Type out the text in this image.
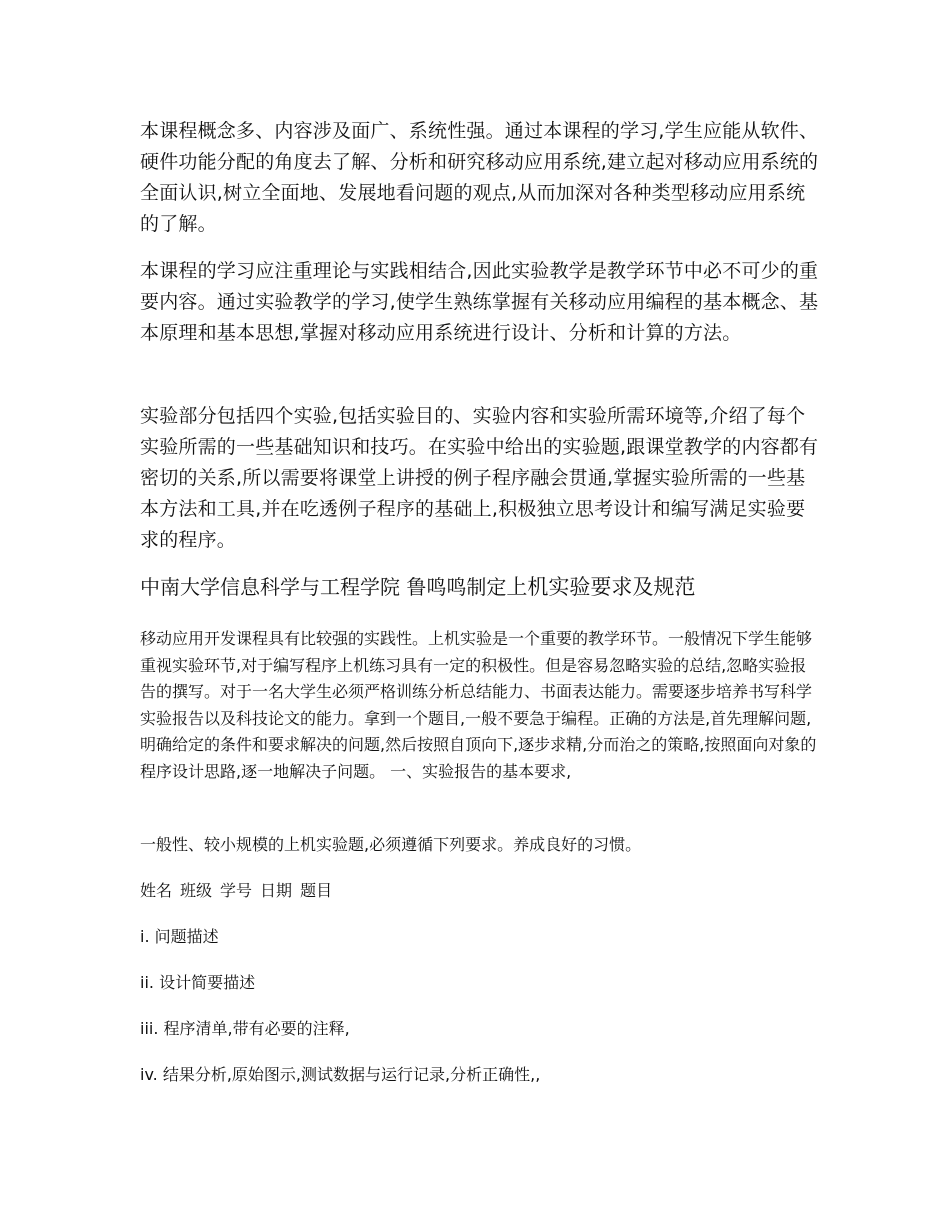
本课程概念多、内容涉及面广、系统性强。通过本课程的学习,学生应能从软件、硬件功能分配的角度去了解、分析和研究移动应用系统,建立起对移动应用系统的全面认识,树立全面地、发展地看问题的观点,从而加深对各种类型移动应用系统的了解。

本课程的学习应注重理论与实践相结合,因此实验教学是教学环节中必不可少的重要内容。通过实验教学的学习,使学生熟练掌握有关移动应用编程的基本概念、基本原理和基本思想,掌握对移动应用系统进行设计、分析和计算的方法。

实验部分包括四个实验,包括实验目的、实验内容和实验所需环境等,介绍了每个实验所需的一些基础知识和技巧。在实验中给出的实验题,跟课堂教学的内容都有密切的关系,所以需要将课堂上讲授的例子程序融会贯通,掌握实验所需的一些基本方法和工具,并在吃透例子程序的基础上,积极独立思考设计和编写满足实验要求的程序。

中南大学信息科学与工程学院 鲁鸣鸣制定上机实验要求及规范

移动应用开发课程具有比较强的实践性。上机实验是一个重要的教学环节。一般情况下学生能够重视实验环节,对于编写程序上机练习具有一定的积极性。但是容易忽略实验的总结,忽略实验报告的撰写。对于一名大学生必须严格训练分析总结能力、书面表达能力。需要逐步培养书写科学实验报告以及科技论文的能力。拿到一个题目,一般不要急于编程。正确的方法是,首先理解问题,明确给定的条件和要求解决的问题,然后按照自顶向下,逐步求精,分而治之的策略,按照面向对象的程序设计思路,逐一地解决子问题。 一、实验报告的基本要求,

一般性、较小规模的上机实验题,必须遵循下列要求。养成良好的习惯。

姓名 班级 学号 日期 题目

i. 问题描述

ii. 设计简要描述

iii. 程序清单,带有必要的注释,

iv. 结果分析,原始图示,测试数据与运行记录,分析正确性,,
